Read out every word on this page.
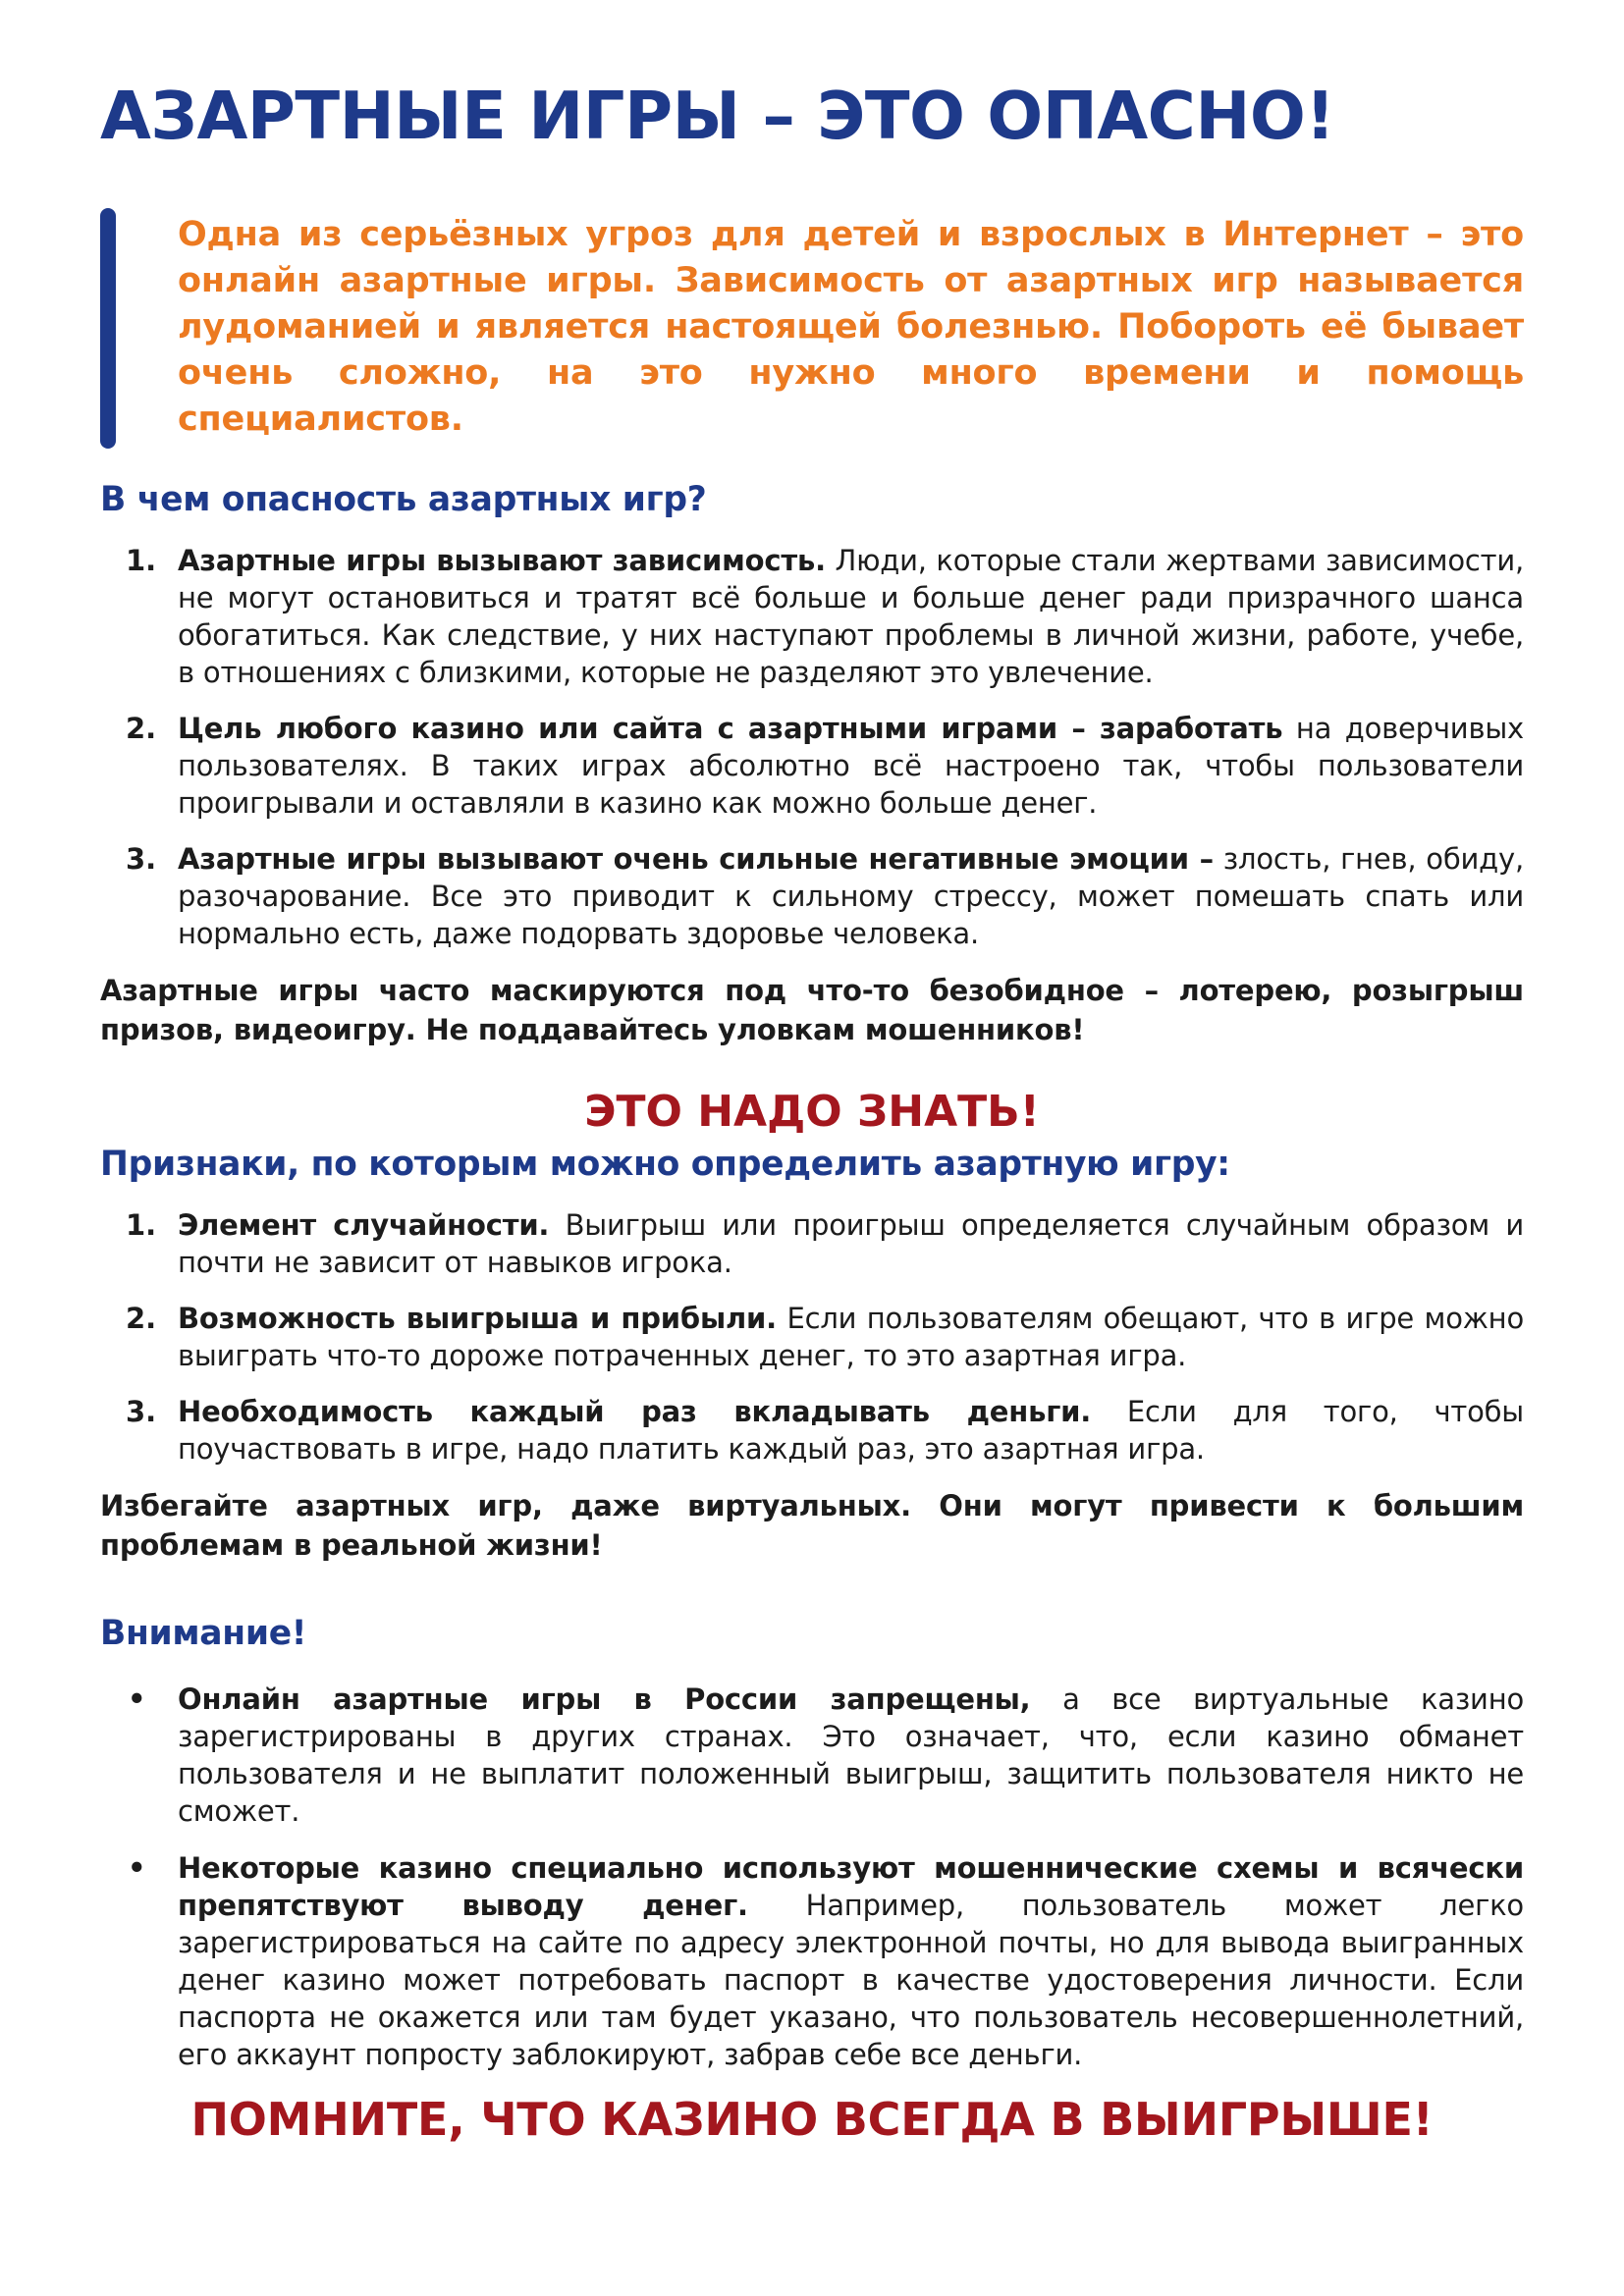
АЗАРТНЫЕ ИГРЫ – ЭТО ОПАСНО!

Одна из серьёзных угроз для детей и взрослых в Интернет – это онлайн азартные игры. Зависимость от азартных игр называется лудоманией и является настоящей болезнью. Побороть её бывает очень сложно, на это нужно много времени и помощь специалистов.

В чем опасность азартных игр?
1. Азартные игры вызывают зависимость. Люди, которые стали жертвами зависимости, не могут остановиться и тратят всё больше и больше денег ради призрачного шанса обогатиться. Как следствие, у них наступают проблемы в личной жизни, работе, учебе, в отношениях с близкими, которые не разделяют это увлечение.

2. Цель любого казино или сайта с азартными играми – заработать на доверчивых пользователях. В таких играх абсолютно всё настроено так, чтобы пользователи проигрывали и оставляли в казино как можно больше денег.

3. Азартные игры вызывают очень сильные негативные эмоции – злость, гнев, обиду, разочарование. Все это приводит к сильному стрессу, может помешать спать или нормально есть, даже подорвать здоровье человека.

Азартные игры часто маскируются под что-то безобидное – лотерею, розыгрыш призов, видеоигру. Не поддавайтесь уловкам мошенников!

ЭТО НАДО ЗНАТЬ!

Признаки, по которым можно определить азартную игру:
1. Элемент случайности. Выигрыш или проигрыш определяется случайным образом и почти не зависит от навыков игрока.

2. Возможность выигрыша и прибыли. Если пользователям обещают, что в игре можно выиграть что-то дороже потраченных денег, то это азартная игра.

3. Необходимость каждый раз вкладывать деньги. Если для того, чтобы поучаствовать в игре, надо платить каждый раз, это азартная игра.

Избегайте азартных игр, даже виртуальных. Они могут привести к большим проблемам в реальной жизни!

Внимание!
• Онлайн азартные игры в России запрещены, а все виртуальные казино зарегистрированы в других странах. Это означает, что, если казино обманет пользователя и не выплатит положенный выигрыш, защитить пользователя никто не сможет.

• Некоторые казино специально используют мошеннические схемы и всячески препятствуют выводу денег. Например, пользователь может легко зарегистрироваться на сайте по адресу электронной почты, но для вывода выигранных денег казино может потребовать паспорт в качестве удостоверения личности. Если паспорта не окажется или там будет указано, что пользователь несовершеннолетний, его аккаунт попросту заблокируют, забрав себе все деньги.

ПОМНИТЕ, ЧТО КАЗИНО ВСЕГДА В ВЫИГРЫШЕ!
